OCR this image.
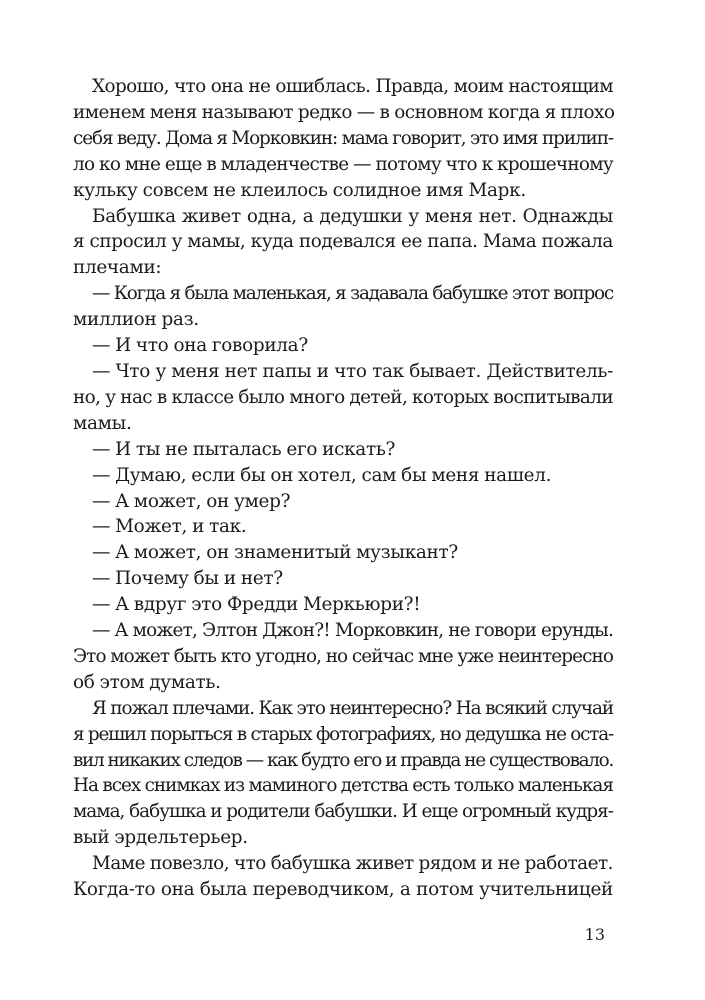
Хорошо, что она не ошиблась. Правда, моим настоящим
именем меня называют редко — в основном когда я плохо
себя веду. Дома я Морковкин: мама говорит, это имя прилип-
ло ко мне еще в младенчестве — потому что к крошечному
кульку совсем не клеилось солидное имя Марк.
Бабушка живет одна, а дедушки у меня нет. Однажды
я спросил у мамы, куда подевался ее папа. Мама пожала
плечами:
— Когда я была маленькая, я задавала бабушке этот вопрос
миллион раз.
— И что она говорила?
— Что у меня нет папы и что так бывает. Действитель-
но, у нас в классе было много детей, которых воспитывали
мамы.
— И ты не пыталась его искать?
— Думаю, если бы он хотел, сам бы меня нашел.
— А может, он умер?
— Может, и так.
— А может, он знаменитый музыкант?
— Почему бы и нет?
— А вдруг это Фредди Меркьюри?!
— А может, Элтон Джон?! Морковкин, не говори ерунды.
Это может быть кто угодно, но сейчас мне уже неинтересно
об этом думать.
Я пожал плечами. Как это неинтересно? На всякий случай
я решил порыться в старых фотографиях, но дедушка не оста-
вил никаких следов — как будто его и правда не существовало.
На всех снимках из маминого детства есть только маленькая
мама, бабушка и родители бабушки. И еще огромный кудря-
вый эрдельтерьер.
Маме повезло, что бабушка живет рядом и не работает.
Когда-то она была переводчиком, а потом учительницей
13
